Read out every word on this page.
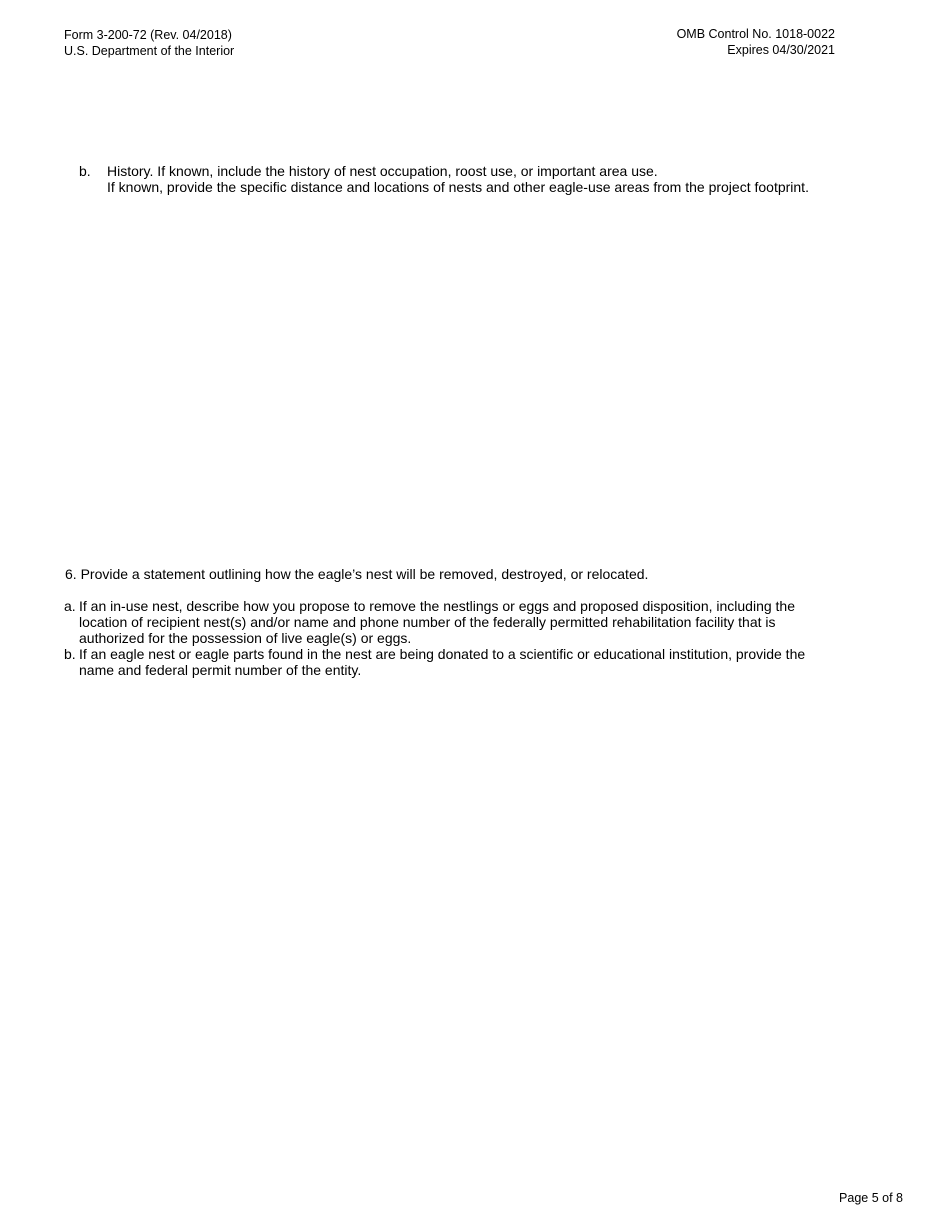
Form 3-200-72 (Rev. 04/2018)
U.S. Department of the Interior
OMB Control No. 1018-0022
Expires 04/30/2021
b. History. If known, include the history of nest occupation, roost use, or important area use.
If known, provide the specific distance and locations of nests and other eagle-use areas from the project footprint.
6. Provide a statement outlining how the eagle’s nest will be removed, destroyed, or relocated.
a. If an in-use nest, describe how you propose to remove the nestlings or eggs and proposed disposition, including the location of recipient nest(s) and/or name and phone number of the federally permitted rehabilitation facility that is authorized for the possession of live eagle(s) or eggs.
b. If an eagle nest or eagle parts found in the nest are being donated to a scientific or educational institution, provide the name and federal permit number of the entity.
Page 5 of 8
